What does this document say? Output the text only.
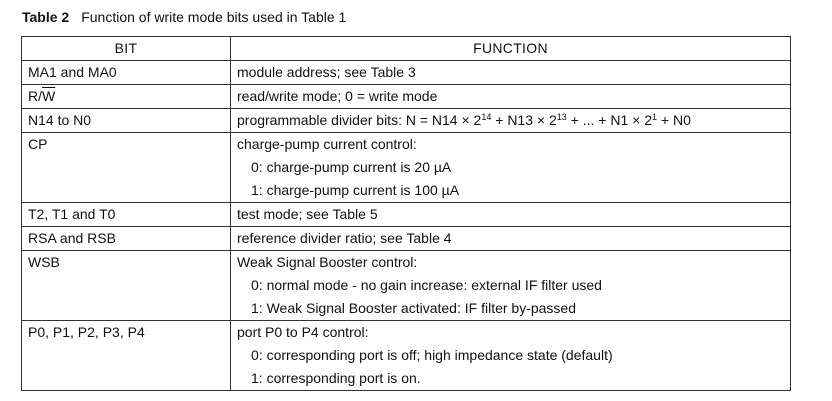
Table 2 Function of write mode bits used in Table 1
BIT	FUNCTION
MA1 and MA0	module address; see Table 3

$R/\overline{W}$	read/write mode; 0 = write mode

N14 to N0	programmable divider bits: $N = N14 \times 2^{14} + N13 \times 2^{13}$ + ... + $N1 \times 2^1 + N0$

CP	charge-pump current control:
0: charge-pump current is 20 µA
1: charge-pump current is 100 µA

T2, T1 and T0	test mode; see Table 5

RSA and RSB	reference divider ratio; see Table 4

WSB	Weak Signal Booster control:
0: normal mode - no gain increase: external IF filter used
1: Weak Signal Booster activated: IF filter by-passed

P0, P1, P2, P3, P4	port P0 to P4 control:
0: corresponding port is off; high impedance state (default)
1: corresponding port is on.
